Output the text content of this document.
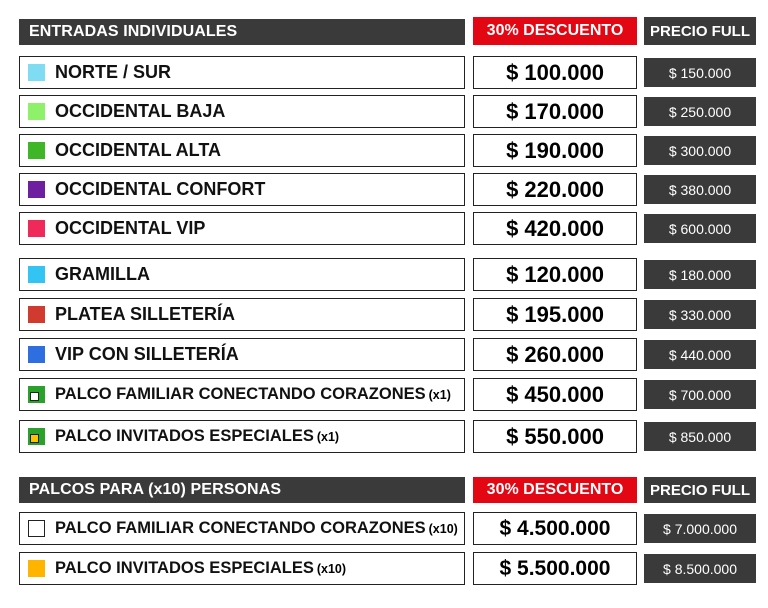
ENTRADAS INDIVIDUALES	30% DESCUENTO	PRECIO FULL
NORTE / SUR	$ 100.000	$ 150.000
OCCIDENTAL BAJA	$ 170.000	$ 250.000
OCCIDENTAL ALTA	$ 190.000	$ 300.000
OCCIDENTAL CONFORT	$ 220.000	$ 380.000
OCCIDENTAL VIP	$ 420.000	$ 600.000
GRAMILLA	$ 120.000	$ 180.000
PLATEA SILLETERÍA	$ 195.000	$ 330.000
VIP CON SILLETERÍA	$ 260.000	$ 440.000
PALCO FAMILIAR CONECTANDO CORAZONES (x1)	$ 450.000	$ 700.000
PALCO INVITADOS ESPECIALES (x1)	$ 550.000	$ 850.000
PALCOS PARA (x10) PERSONAS	30% DESCUENTO	PRECIO FULL
PALCO FAMILIAR CONECTANDO CORAZONES (x10)	$ 4.500.000	$ 7.000.000
PALCO INVITADOS ESPECIALES (x10)	$ 5.500.000	$ 8.500.000
